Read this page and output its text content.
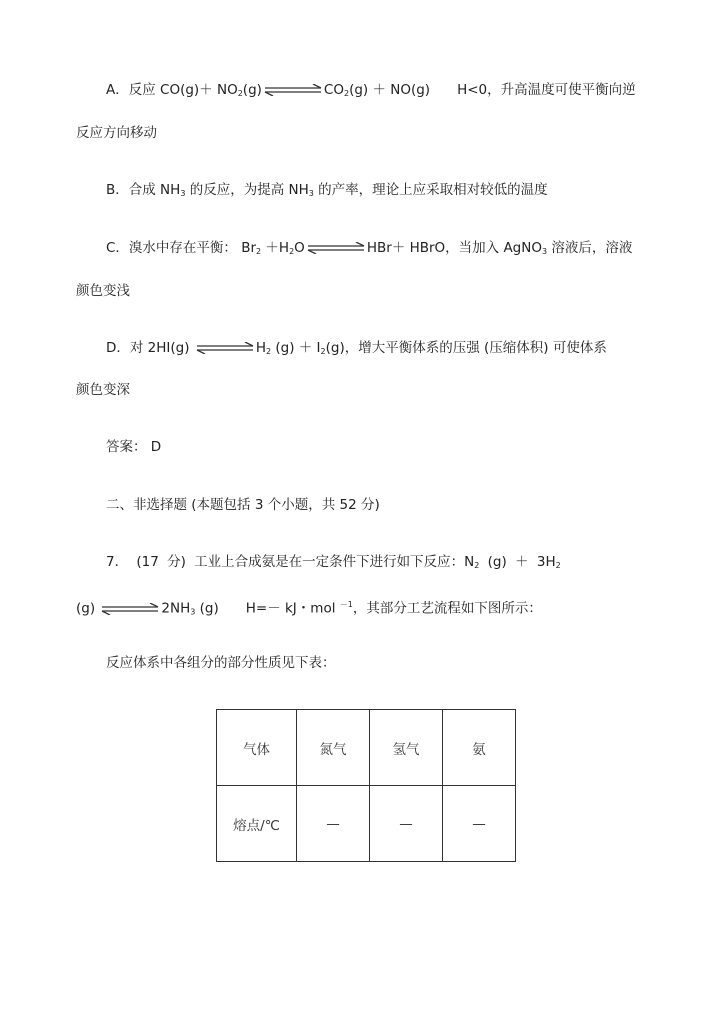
A．反应 $CO(g)+ NO_2(g)$	$CO_2(g) + NO(g)$　　H<0，升高温度可使平衡向逆
反应方向移动
B．合成 $NH_3$ 的反应，为提高 $NH_3$ 的产率，理论上应采取相对较低的温度
C．溴水中存在平衡： $Br_2 +H_2O$	HBr＋ HBrO，当加入 AgNO$_3$ 溶液后，溶液
颜色变浅
D．对 2HI(g)	$H_2$ $(g) + I_2(g)$，增大平衡体系的压强 (压缩体积) 可使体系
颜色变深
答案： D
二、非选择题 (本题包括 3 个小题，共 52 分)
7． (17 分) 工业上合成氨是在一定条件下进行如下反应：$N_2$ $(g) + 3H_2$
(g)	$2NH_3$ (g)　　H=－ kJ・mol $^{-1}$，其部分工艺流程如下图所示：
反应体系中各组分的部分性质见下表：
气体	氮气	氢气	氨
熔点/℃	—	—	—
